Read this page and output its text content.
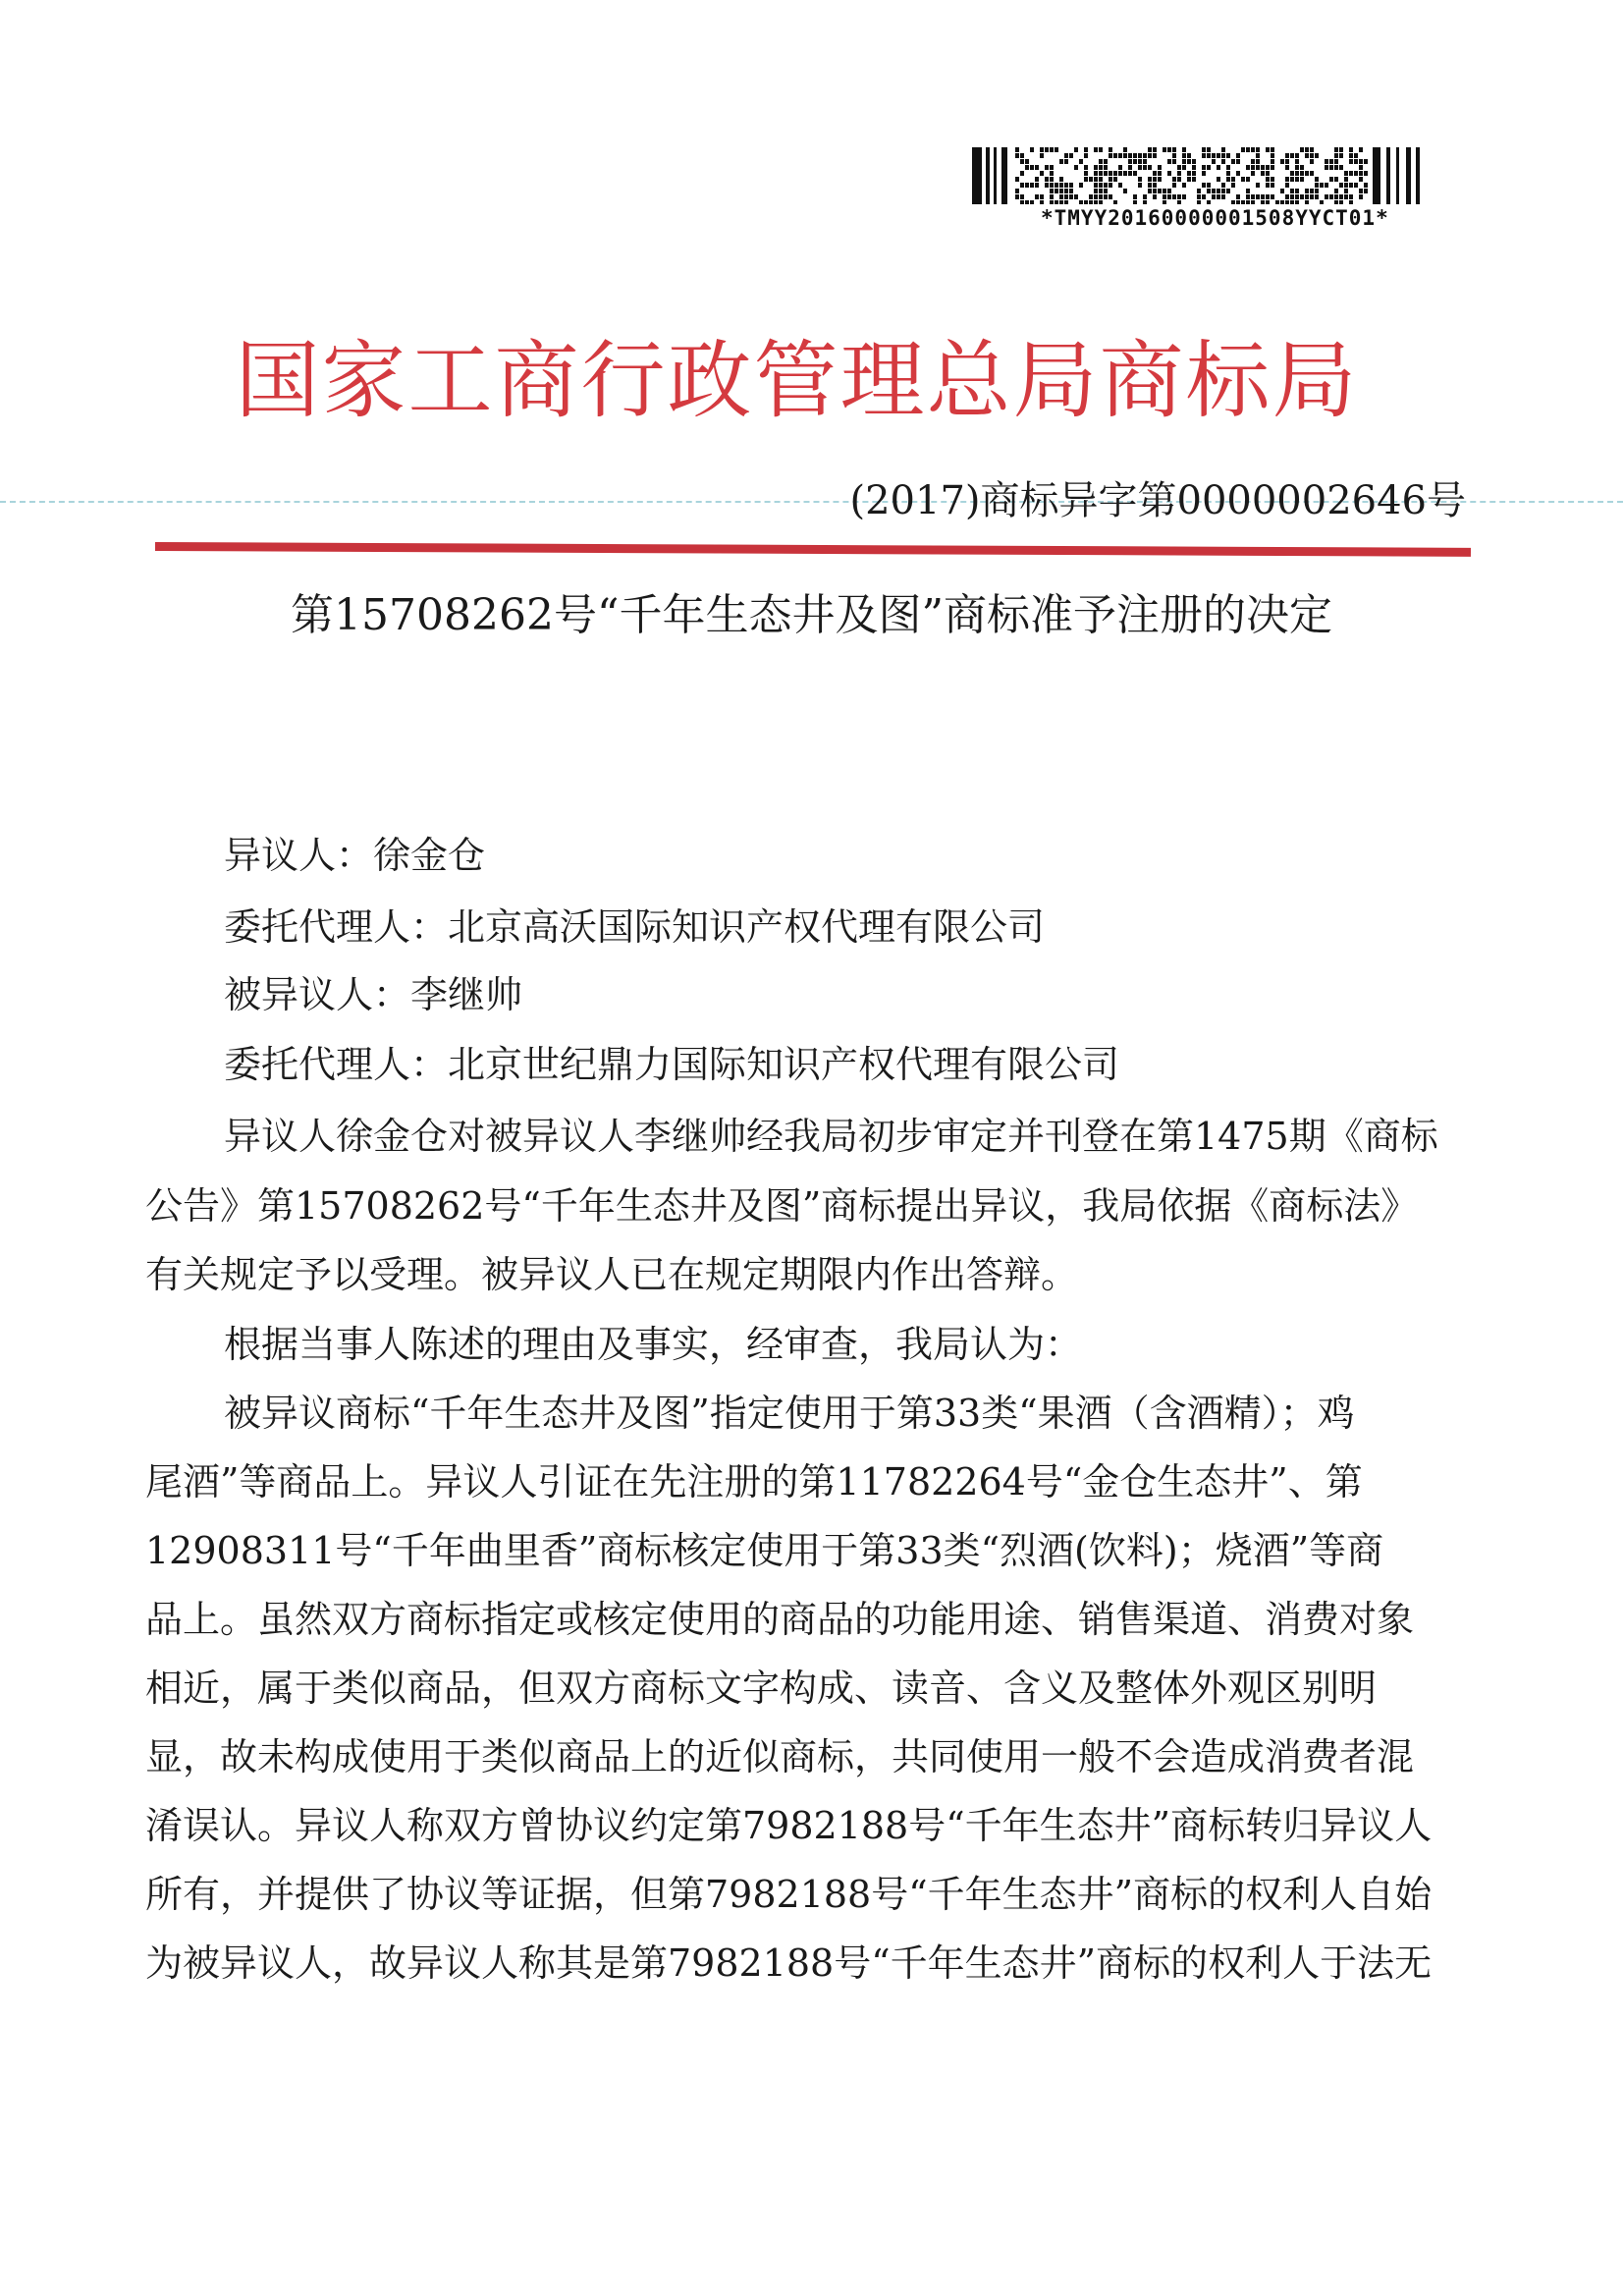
*TMYY20160000001508YYCT01*
国家工商行政管理总局商标局
(2017)商标异字第0000002646号
第15708262号“千年生态井及图”商标准予注册的决定
异议人：徐金仓
委托代理人：北京高沃国际知识产权代理有限公司
被异议人：李继帅
委托代理人：北京世纪鼎力国际知识产权代理有限公司
异议人徐金仓对被异议人李继帅经我局初步审定并刊登在第1475期《商标
公告》第15708262号“千年生态井及图”商标提出异议，我局依据《商标法》
有关规定予以受理。被异议人已在规定期限内作出答辩。
根据当事人陈述的理由及事实，经审查，我局认为：
被异议商标“千年生态井及图”指定使用于第33类“果酒（含酒精）；鸡
尾酒”等商品上。异议人引证在先注册的第11782264号“金仓生态井”、第
12908311号“千年曲里香”商标核定使用于第33类“烈酒(饮料)；烧酒”等商
品上。虽然双方商标指定或核定使用的商品的功能用途、销售渠道、消费对象
相近，属于类似商品，但双方商标文字构成、读音、含义及整体外观区别明
显，故未构成使用于类似商品上的近似商标，共同使用一般不会造成消费者混
淆误认。异议人称双方曾协议约定第7982188号“千年生态井”商标转归异议人
所有，并提供了协议等证据，但第7982188号“千年生态井”商标的权利人自始
为被异议人，故异议人称其是第7982188号“千年生态井”商标的权利人于法无
